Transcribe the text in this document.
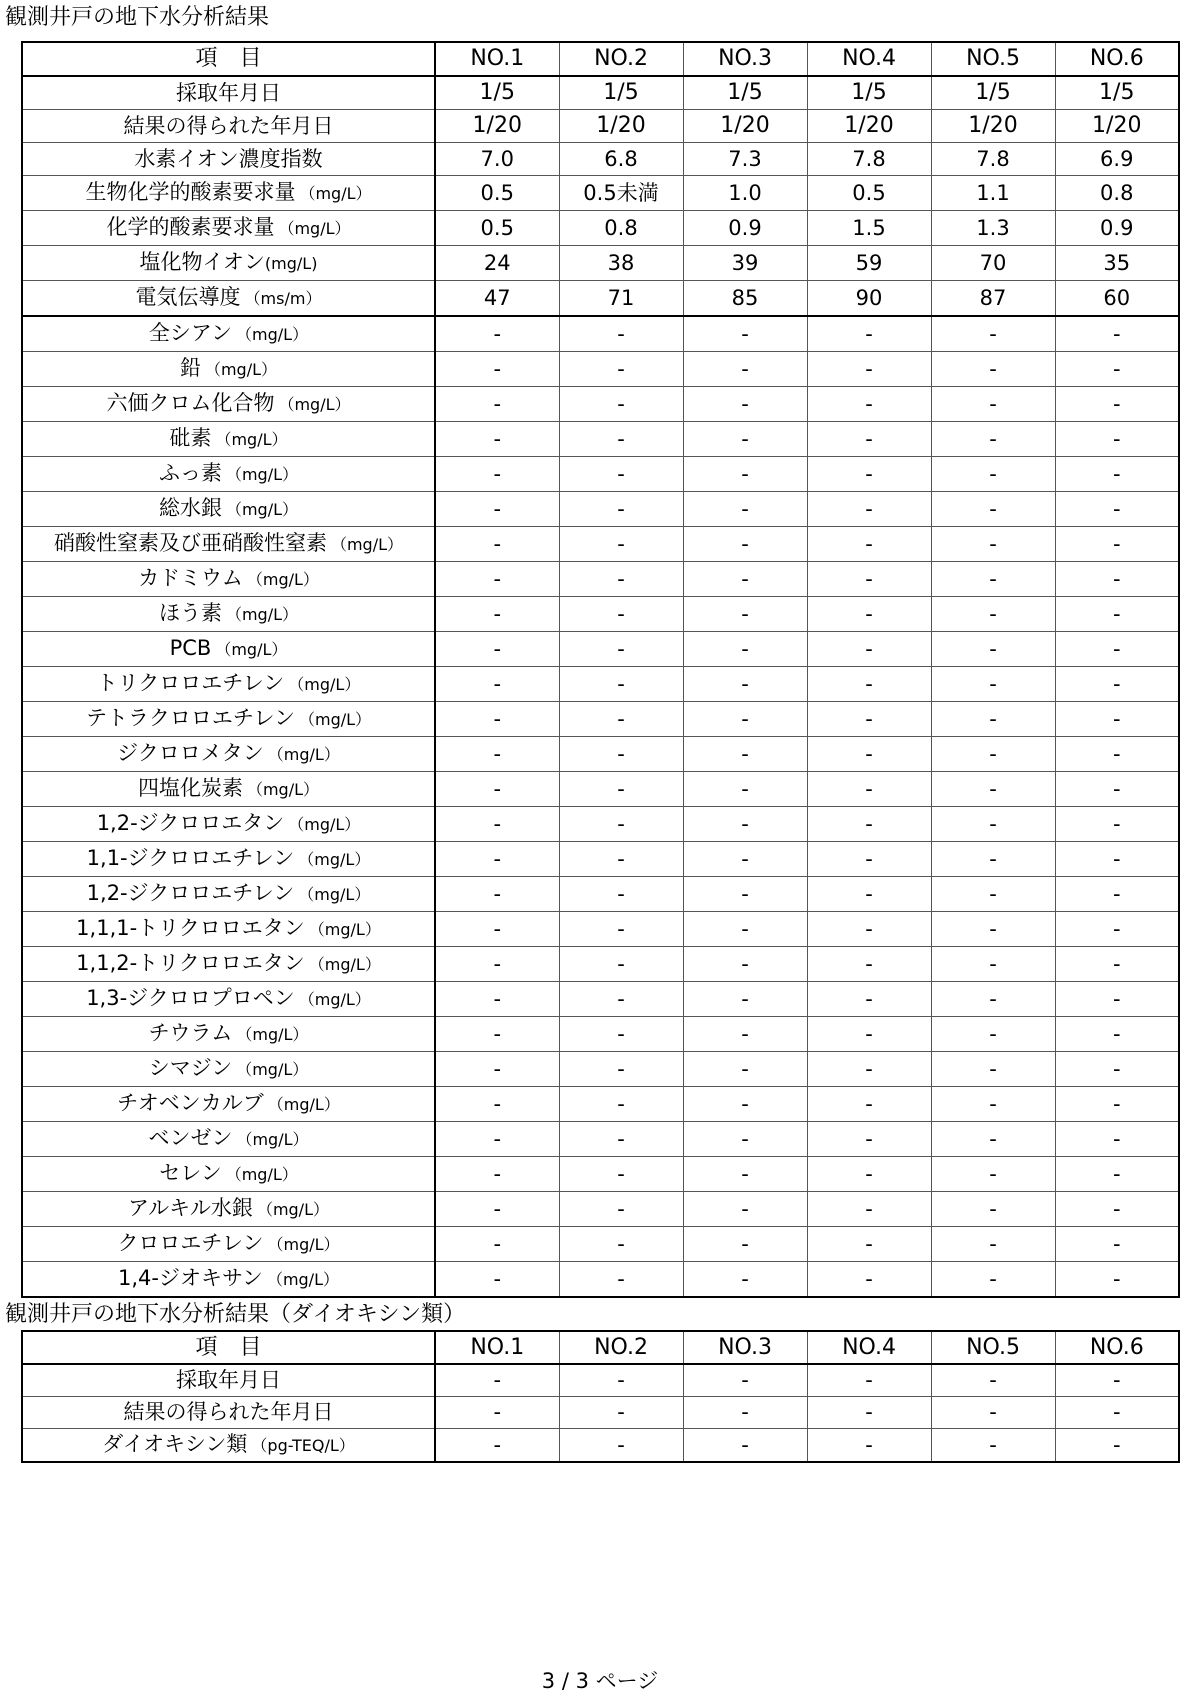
観測井戸の地下水分析結果
項　目	NO.1	NO.2	NO.3	NO.4	NO.5	NO.6
採取年月日	1/5	1/5	1/5	1/5	1/5	1/5
結果の得られた年月日	1/20	1/20	1/20	1/20	1/20	1/20
水素イオン濃度指数	7.0	6.8	7.3	7.8	7.8	6.9
生物化学的酸素要求量 （mg/L）	0.5	0.5未満	1.0	0.5	1.1	0.8
化学的酸素要求量 （mg/L）	0.5	0.8	0.9	1.5	1.3	0.9
塩化物イオン(mg/L)	24	38	39	59	70	35
電気伝導度 （ms/m）	47	71	85	90	87	60
全シアン （mg/L）	-	-	-	-	-	-
鉛 （mg/L）	-	-	-	-	-	-
六価クロム化合物 （mg/L）	-	-	-	-	-	-
砒素 （mg/L）	-	-	-	-	-	-
ふっ素 （mg/L）	-	-	-	-	-	-
総水銀 （mg/L）	-	-	-	-	-	-
硝酸性窒素及び亜硝酸性窒素 （mg/L）	-	-	-	-	-	-
カドミウム （mg/L）	-	-	-	-	-	-
ほう素 （mg/L）	-	-	-	-	-	-
PCB （mg/L）	-	-	-	-	-	-
トリクロロエチレン （mg/L）	-	-	-	-	-	-
テトラクロロエチレン （mg/L）	-	-	-	-	-	-
ジクロロメタン （mg/L）	-	-	-	-	-	-
四塩化炭素 （mg/L）	-	-	-	-	-	-
1,2-ジクロロエタン （mg/L）	-	-	-	-	-	-
1,1-ジクロロエチレン （mg/L）	-	-	-	-	-	-
1,2-ジクロロエチレン （mg/L）	-	-	-	-	-	-
1,1,1-トリクロロエタン （mg/L）	-	-	-	-	-	-
1,1,2-トリクロロエタン （mg/L）	-	-	-	-	-	-
1,3-ジクロロプロペン （mg/L）	-	-	-	-	-	-
チウラム （mg/L）	-	-	-	-	-	-
シマジン （mg/L）	-	-	-	-	-	-
チオベンカルブ （mg/L）	-	-	-	-	-	-
ベンゼン （mg/L）	-	-	-	-	-	-
セレン （mg/L）	-	-	-	-	-	-
アルキル水銀 （mg/L）	-	-	-	-	-	-
クロロエチレン （mg/L）	-	-	-	-	-	-
1,4-ジオキサン （mg/L）	-	-	-	-	-	-
観測井戸の地下水分析結果（ダイオキシン類）
項　目	NO.1	NO.2	NO.3	NO.4	NO.5	NO.6
採取年月日	-	-	-	-	-	-
結果の得られた年月日	-	-	-	-	-	-
ダイオキシン類 （pg-TEQ/L）	-	-	-	-	-	-
3 / 3 ページ
